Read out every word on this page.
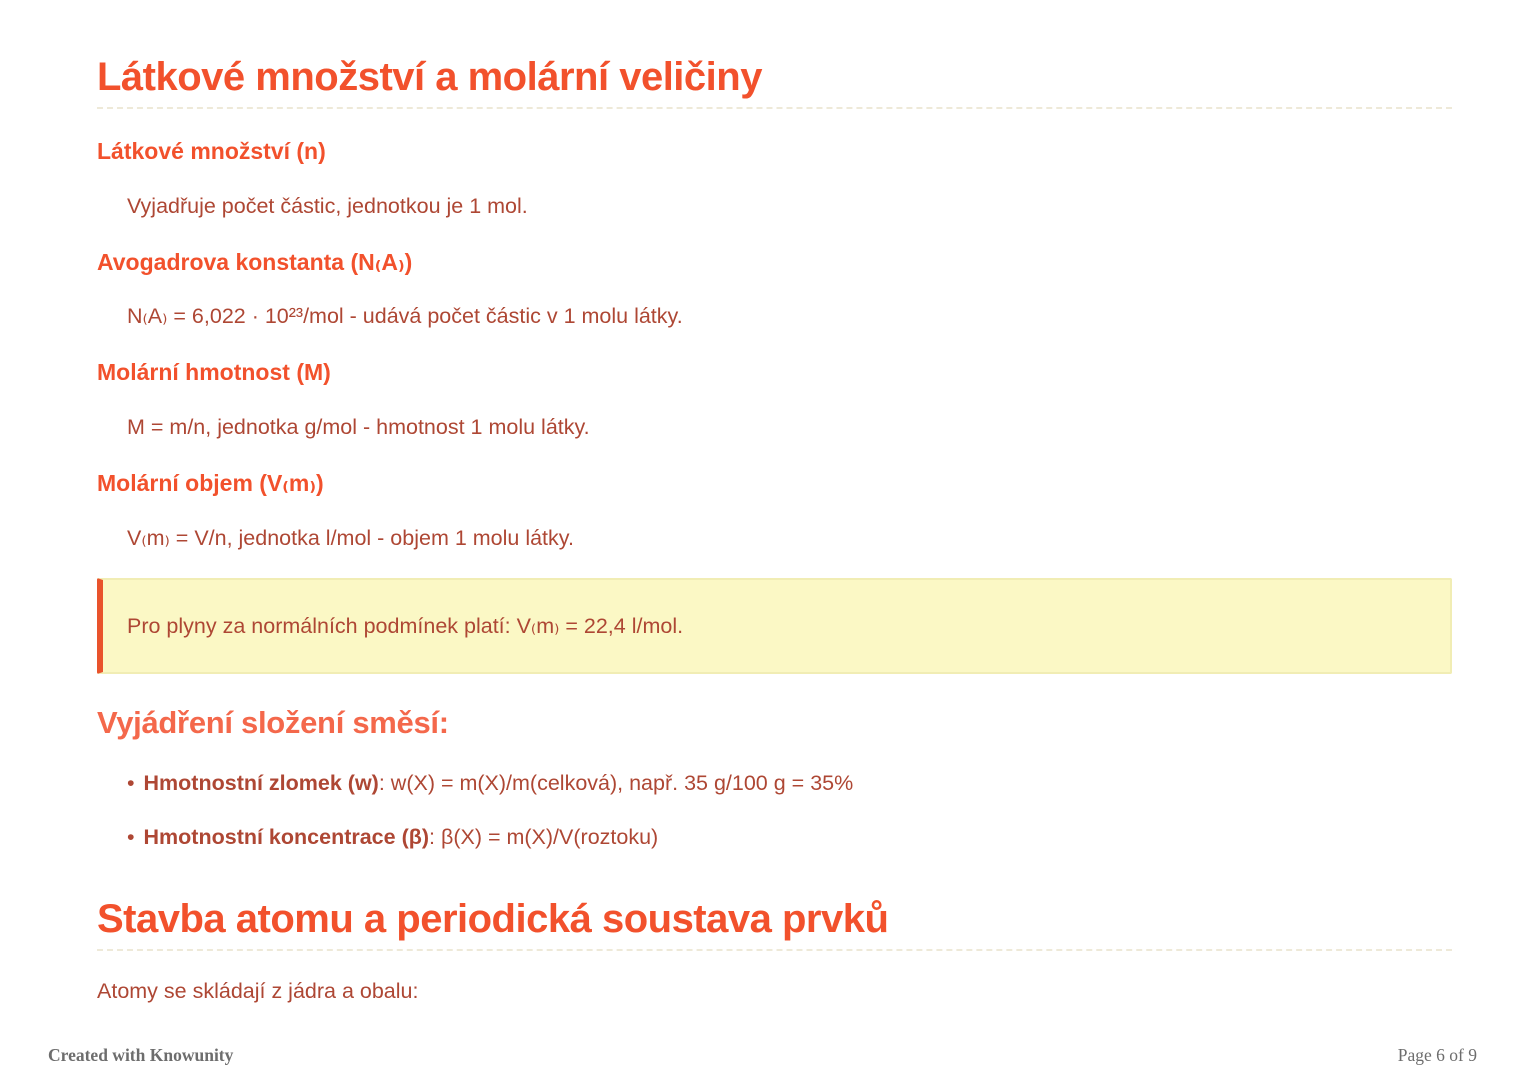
Látkové množství a molární veličiny
Látkové množství (n)

Vyjadřuje počet částic, jednotkou je 1 mol.

Avogadrova konstanta (N₍A₎)

N₍A₎ = 6,022 · 10²³/mol - udává počet částic v 1 molu látky.

Molární hmotnost (M)

M = m/n, jednotka g/mol - hmotnost 1 molu látky.

Molární objem (V₍m₎)

V₍m₎ = V/n, jednotka l/mol - objem 1 molu látky.

Pro plyny za normálních podmínek platí: V₍m₎ = 22,4 l/mol.

Vyjádření složení směsí:
• Hmotnostní zlomek (w): w(X) = m(X)/m(celková), např. 35 g/100 g = 35%
• Hmotnostní koncentrace (β): β(X) = m(X)/V(roztoku)
Stavba atomu a periodická soustava prvků

Atomy se skládají z jádra a obalu:

Created with Knowunity	Page 6 of 9
